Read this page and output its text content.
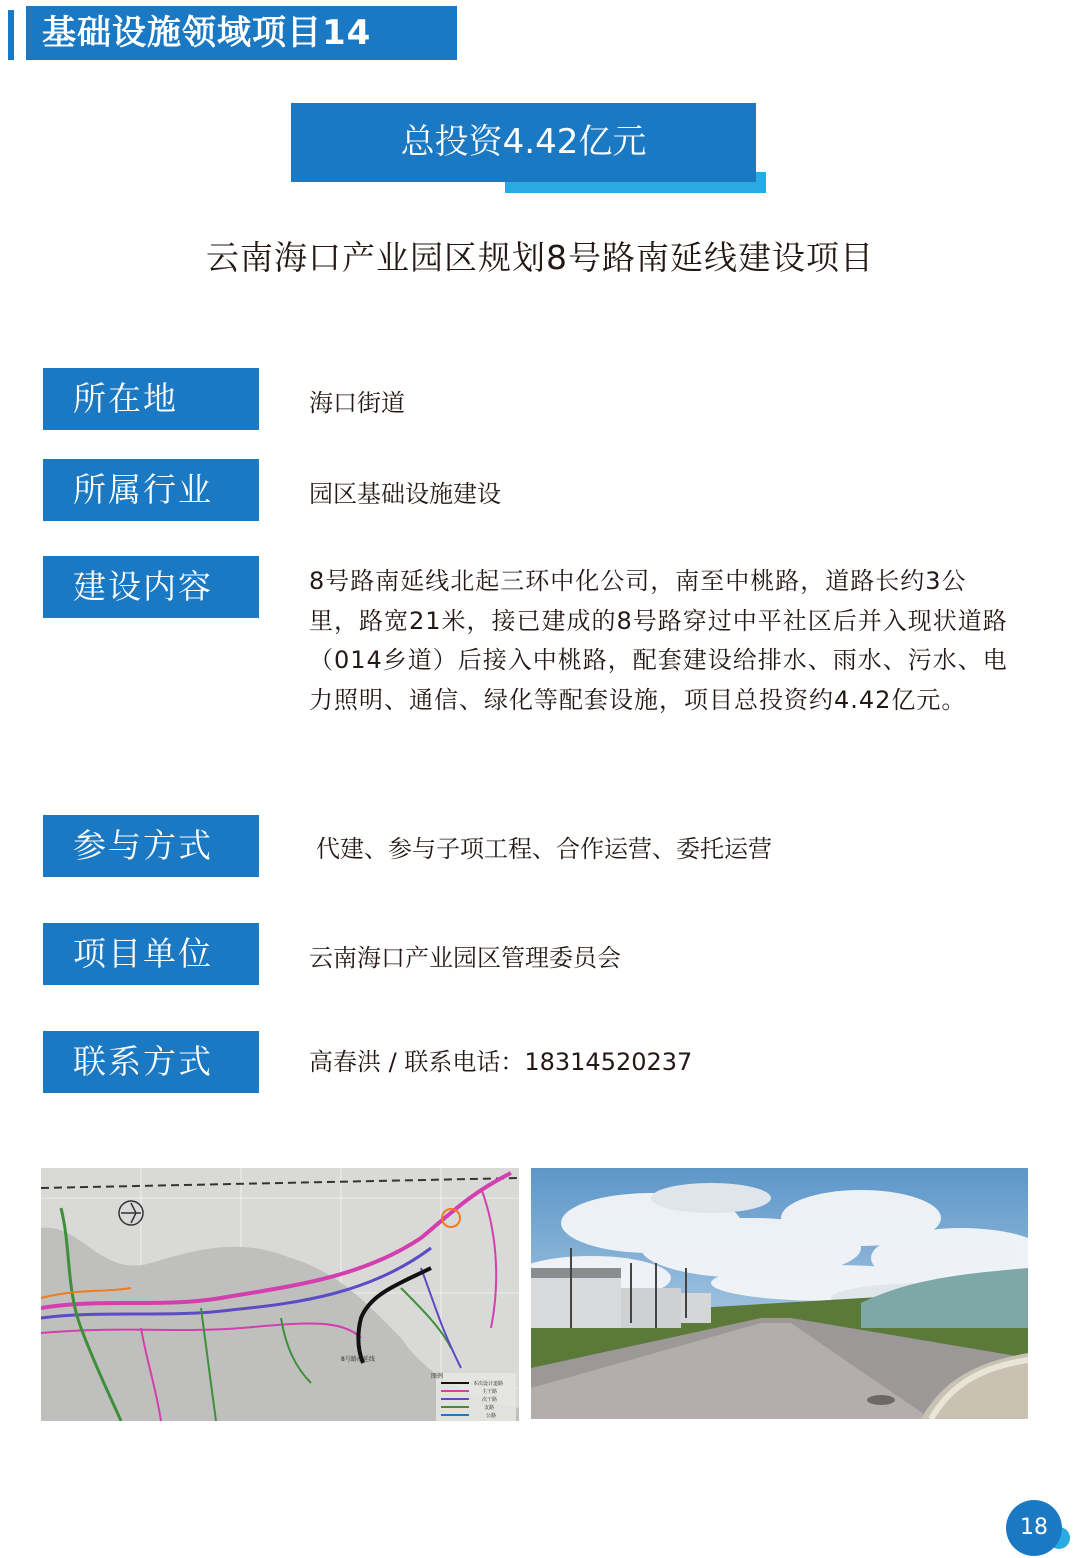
基础设施领域项目14
总投资4.42亿元
云南海口产业园区规划8号路南延线建设项目
所在地	海口街道
所属行业	园区基础设施建设
建设内容	8号路南延线北起三环中化公司，南至中桃路，道路长约3公
里，路宽21米，接已建成的8号路穿过中平社区后并入现状道路
（014乡道）后接入中桃路，配套建设给排水、雨水、污水、电
力照明、通信、绿化等配套设施，项目总投资约4.42亿元。
参与方式	代建、参与子项工程、合作运营、委托运营
项目单位	云南海口产业园区管理委员会
联系方式	高春洪 / 联系电话：18314520237
8号路南延线
图例
本次设计道路
主干路
次干路
支路
公路
18
